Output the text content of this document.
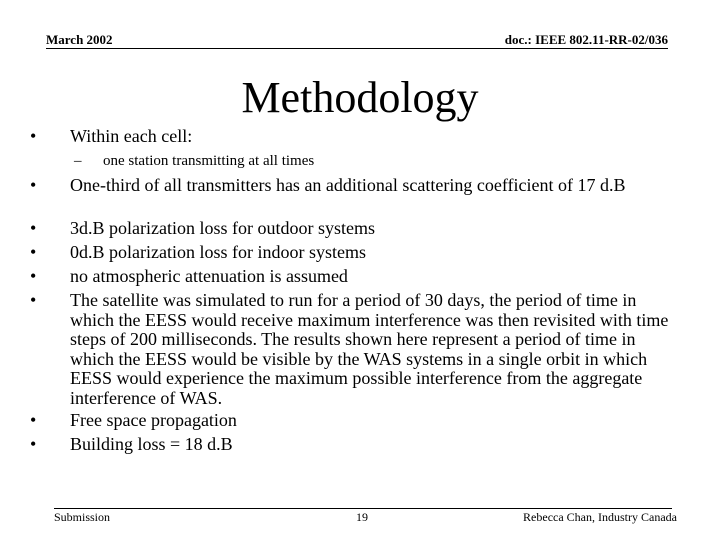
March 2002	doc.: IEEE 802.11-RR-02/036
Methodology
• Within each cell:
– one station transmitting at all times
• One-third of all transmitters has an additional scattering coefficient of 17 d.B
• 3d.B polarization loss for outdoor systems
• 0d.B polarization loss for indoor systems
• no atmospheric attenuation is assumed
• The satellite was simulated to run for a period of 30 days, the period of time in which the EESS would receive maximum interference was then revisited with time steps of 200 milliseconds. The results shown here represent a period of time in which the EESS would be visible by the WAS systems in a single orbit in which EESS would experience the maximum possible interference from the aggregate interference of WAS.
• Free space propagation
• Building loss = 18 d.B
Submission	19	Rebecca Chan, Industry Canada
